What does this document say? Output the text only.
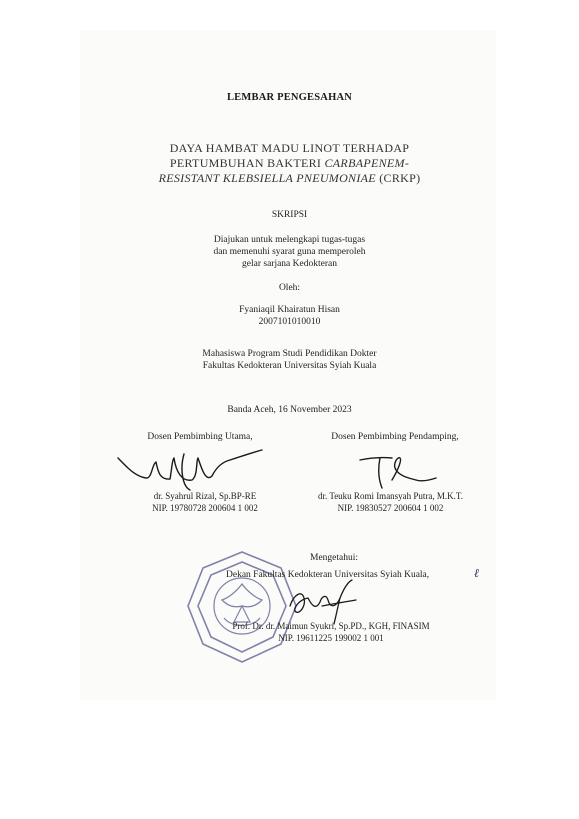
LEMBAR PENGESAHAN
DAYA HAMBAT MADU LINOT TERHADAP
PERTUMBUHAN BAKTERI CARBAPENEM-
RESISTANT KLEBSIELLA PNEUMONIAE (CRKP)
SKRIPSI
Diajukan untuk melengkapi tugas-tugas
dan memenuhi syarat guna memperoleh
gelar sarjana Kedokteran
Oleh:
Fyaniaqil Khairatun Hisan
2007101010010
Mahasiswa Program Studi Pendidikan Dokter
Fakultas Kedokteran Universitas Syiah Kuala
Banda Aceh, 16 November 2023
Dosen Pembimbing Utama,	Dosen Pembimbing Pendamping,
dr. Syahrul Rizal, Sp.BP-RE
NIP. 19780728 200604 1 002
dr. Teuku Romi Imansyah Putra, M.K.T.
NIP. 19830527 200604 1 002
Mengetahui:
Dekan Fakultas Kedokteran Universitas Syiah Kuala,	ℓ
Prof. Dr. dr. Maimun Syukri, Sp.PD., KGH, FINASIM
NIP. 19611225 199002 1 001
